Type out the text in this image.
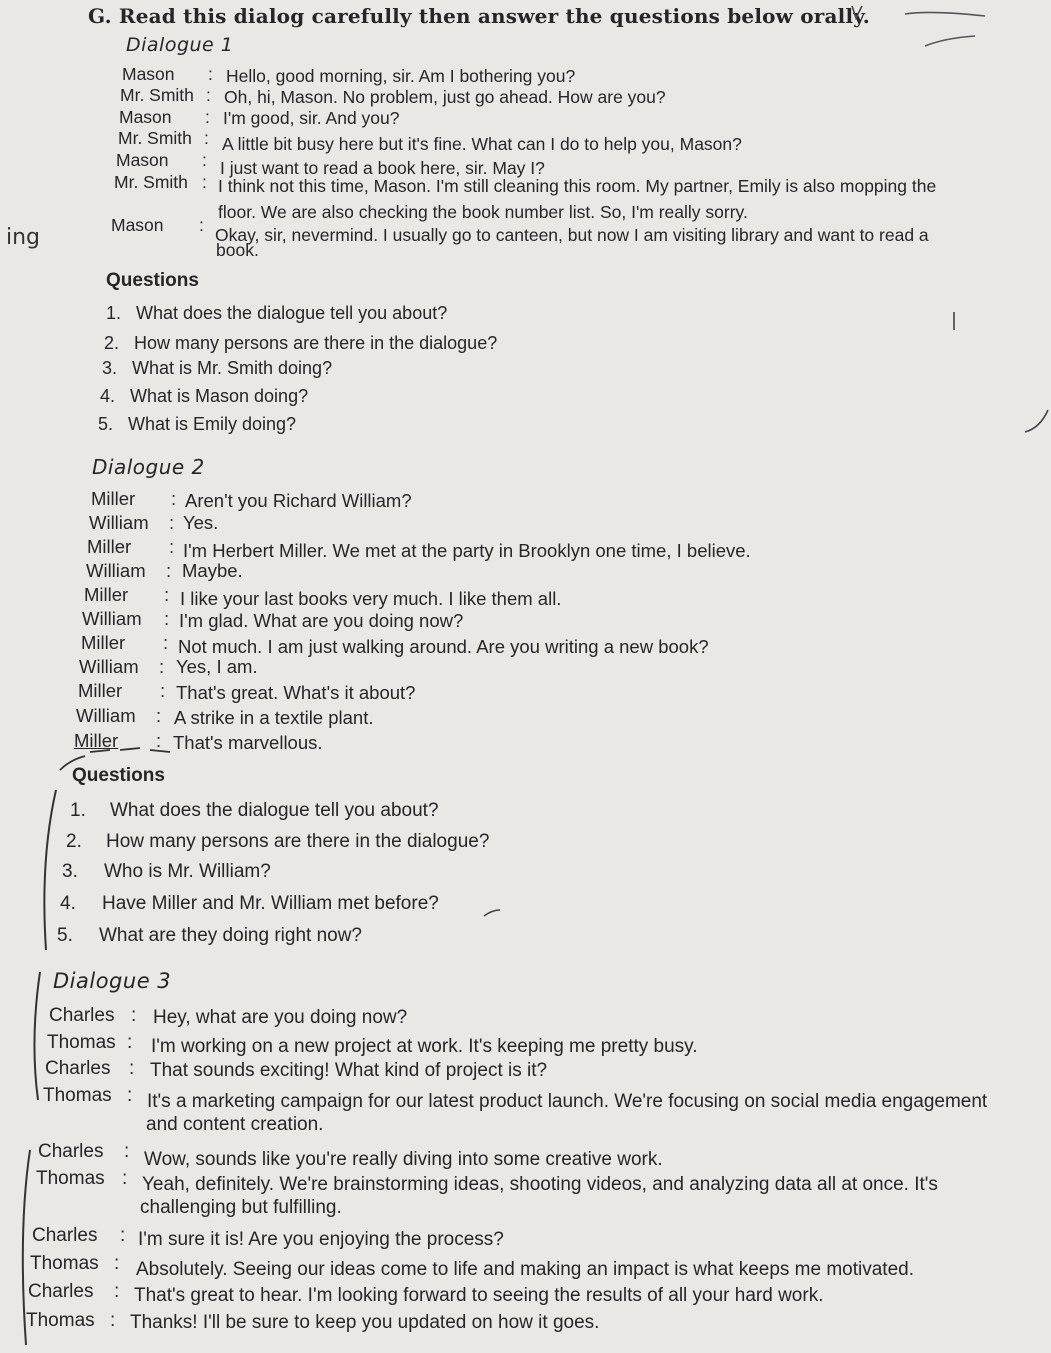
G. Read this dialog carefully then answer the questions below orally.
ing
Dialogue 1
Mason : Hello, good morning, sir. Am I bothering you?
Mr. Smith : Oh, hi, Mason. No problem, just go ahead. How are you?
Mason : I'm good, sir. And you?
Mr. Smith : A little bit busy here but it's fine. What can I do to help you, Mason?
Mason : I just want to read a book here, sir. May I?
Mr. Smith : I think not this time, Mason. I'm still cleaning this room. My partner, Emily is also mopping the
floor. We are also checking the book number list. So, I'm really sorry.
Mason : Okay, sir, nevermind. I usually go to canteen, but now I am visiting library and want to read a
book.
Questions
1. What does the dialogue tell you about?
2. How many persons are there in the dialogue?
3. What is Mr. Smith doing?
4. What is Mason doing?
5. What is Emily doing?
Dialogue 2
Miller : Aren't you Richard William?
William : Yes.
Miller : I'm Herbert Miller. We met at the party in Brooklyn one time, I believe.
William : Maybe.
Miller : I like your last books very much. I like them all.
William : I'm glad. What are you doing now?
Miller : Not much. I am just walking around. Are you writing a new book?
William : Yes, I am.
Miller : That's great. What's it about?
William : A strike in a textile plant.
Miller : That's marvellous.
Questions
1. What does the dialogue tell you about?
2. How many persons are there in the dialogue?
3. Who is Mr. William?
4. Have Miller and Mr. William met before?
5. What are they doing right now?
Dialogue 3
Charles : Hey, what are you doing now?
Thomas : I'm working on a new project at work. It's keeping me pretty busy.
Charles : That sounds exciting! What kind of project is it?
Thomas : It's a marketing campaign for our latest product launch. We're focusing on social media engagement
and content creation.
Charles : Wow, sounds like you're really diving into some creative work.
Thomas : Yeah, definitely. We're brainstorming ideas, shooting videos, and analyzing data all at once. It's
challenging but fulfilling.
Charles : I'm sure it is! Are you enjoying the process?
Thomas : Absolutely. Seeing our ideas come to life and making an impact is what keeps me motivated.
Charles : That's great to hear. I'm looking forward to seeing the results of all your hard work.
Thomas : Thanks! I'll be sure to keep you updated on how it goes.
